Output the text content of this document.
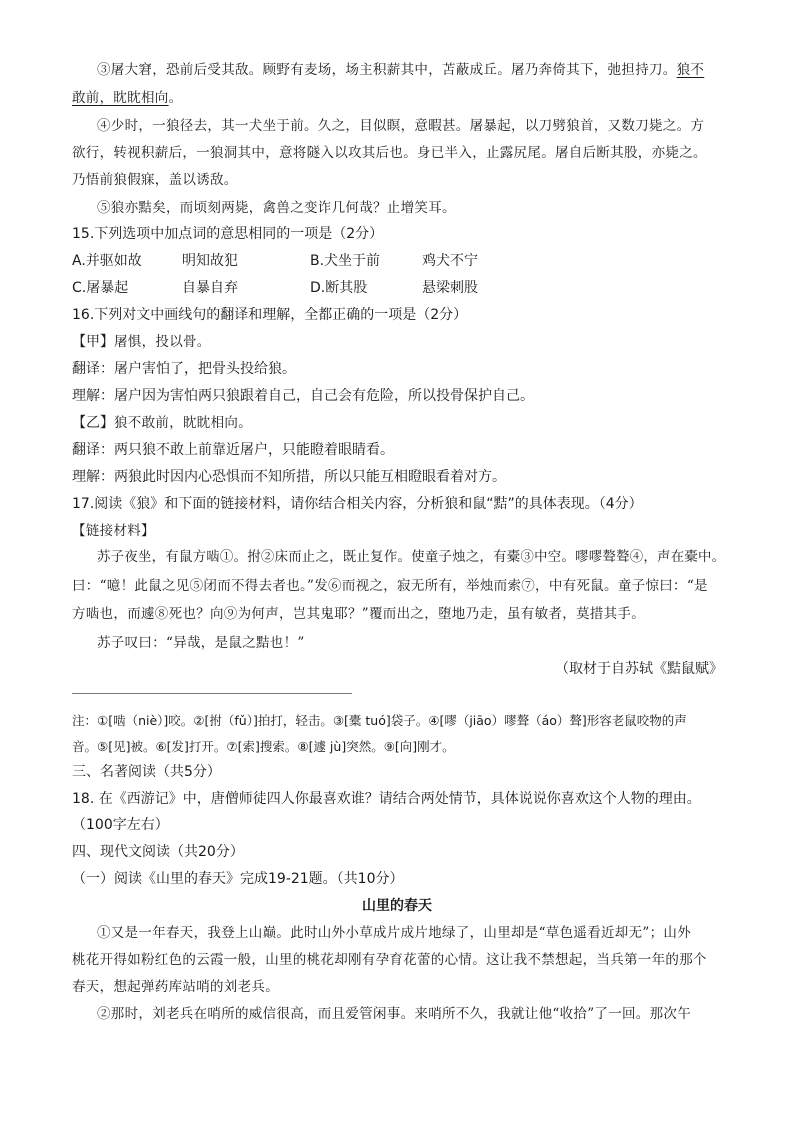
③屠大窘，恐前后受其敌。顾野有麦场，场主积薪其中，苫蔽成丘。屠乃奔倚其下，弛担持刀。狼不
敢前，眈眈相向。
④少时，一狼径去，其一犬坐于前。久之，目似瞑，意暇甚。屠暴起，以刀劈狼首，又数刀毙之。方
欲行，转视积薪后，一狼洞其中，意将隧入以攻其后也。身已半入，止露尻尾。屠自后断其股，亦毙之。
乃悟前狼假寐，盖以诱敌。
⑤狼亦黠矣，而顷刻两毙，禽兽之变诈几何哉？止增笑耳。
15.下列选项中加点词的意思相同的一项是（2分）
A.并驱如故	明知故犯	B.犬坐于前	鸡犬不宁
C.屠暴起	自暴自弃	D.断其股	悬梁刺股
16.下列对文中画线句的翻译和理解，全都正确的一项是（2分）
【甲】屠惧，投以骨。
翻译：屠户害怕了，把骨头投给狼。
理解：屠户因为害怕两只狼跟着自己，自己会有危险，所以投骨保护自己。
【乙】狼不敢前，眈眈相向。
翻译：两只狼不敢上前靠近屠户，只能瞪着眼睛看。
理解：两狼此时因内心恐惧而不知所措，所以只能互相瞪眼看着对方。
17.阅读《狼》和下面的链接材料，请你结合相关内容，分析狼和鼠“黠”的具体表现。（4分）
【链接材料】
苏子夜坐，有鼠方啮①。拊②床而止之，既止复作。使童子烛之，有橐③中空。嘐嘐聱聱④，声在橐中。
曰：“噫！此鼠之见⑤闭而不得去者也。”发⑥而视之，寂无所有，举烛而索⑦，中有死鼠。童子惊曰：“是
方啮也，而遽⑧死也？向⑨为何声，岂其鬼耶？”覆而出之，堕地乃走，虽有敏者，莫措其手。
苏子叹曰：“异哉，是鼠之黠也！”
（取材于自苏轼《黠鼠赋》
注：①[啮（niè）]咬。②[拊（fǔ）]拍打，轻击。③[橐 tuó]袋子。④[嘐（jiāo）嘐聱（áo）聱]形容老鼠咬物的声
音。⑤[见]被。⑥[发]打开。⑦[索]搜索。⑧[遽 jù]突然。⑨[向]刚才。
三、名著阅读（共5分）
18. 在《西游记》中，唐僧师徒四人你最喜欢谁？请结合两处情节，具体说说你喜欢这个人物的理由。
（100字左右）
四、现代文阅读（共20分）
（一）阅读《山里的春天》完成19-21题。（共10分）
山里的春天
①又是一年春天，我登上山巅。此时山外小草成片成片地绿了，山里却是“草色遥看近却无”；山外
桃花开得如粉红色的云霞一般，山里的桃花却刚有孕育花蕾的心情。这让我不禁想起，当兵第一年的那个
春天，想起弹药库站哨的刘老兵。
②那时，刘老兵在哨所的威信很高，而且爱管闲事。来哨所不久，我就让他“收拾”了一回。那次午
